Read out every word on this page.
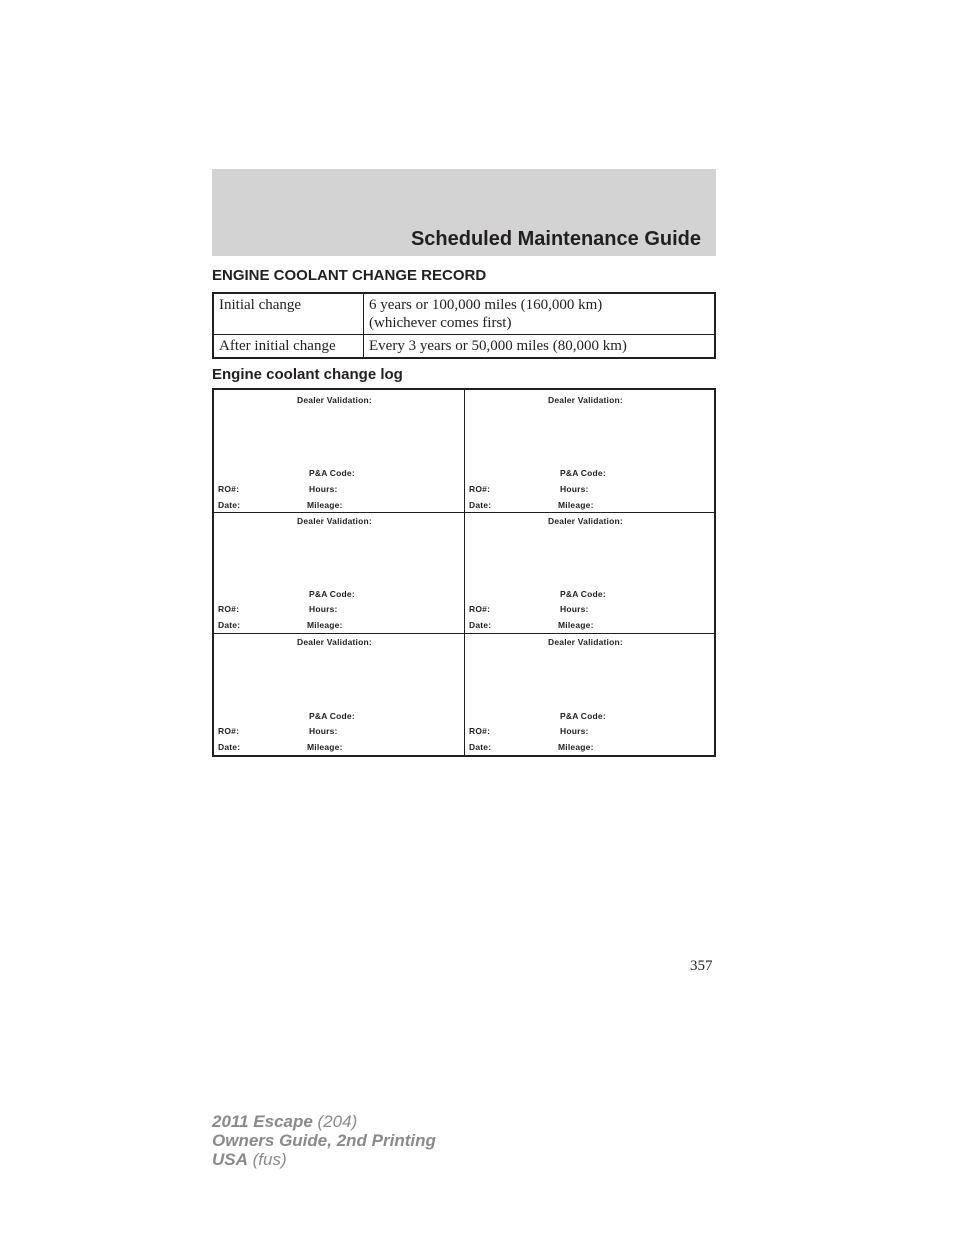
Scheduled Maintenance Guide
ENGINE COOLANT CHANGE RECORD
Initial change	6 years or 100,000 miles (160,000 km)
(whichever comes first)

After initial change	Every 3 years or 50,000 miles (80,000 km)
Engine coolant change log
Dealer Validation:
P&A Code:
RO#:	Hours:
Date:	Mileage:
Dealer Validation:
P&A Code:
RO#:	Hours:
Date:	Mileage:
Dealer Validation:
P&A Code:
RO#:	Hours:
Date:	Mileage:
Dealer Validation:
P&A Code:
RO#:	Hours:
Date:	Mileage:
Dealer Validation:
P&A Code:
RO#:	Hours:
Date:	Mileage:
Dealer Validation:
P&A Code:
RO#:	Hours:
Date:	Mileage:
357
2011 Escape (204)
Owners Guide, 2nd Printing
USA (fus)
